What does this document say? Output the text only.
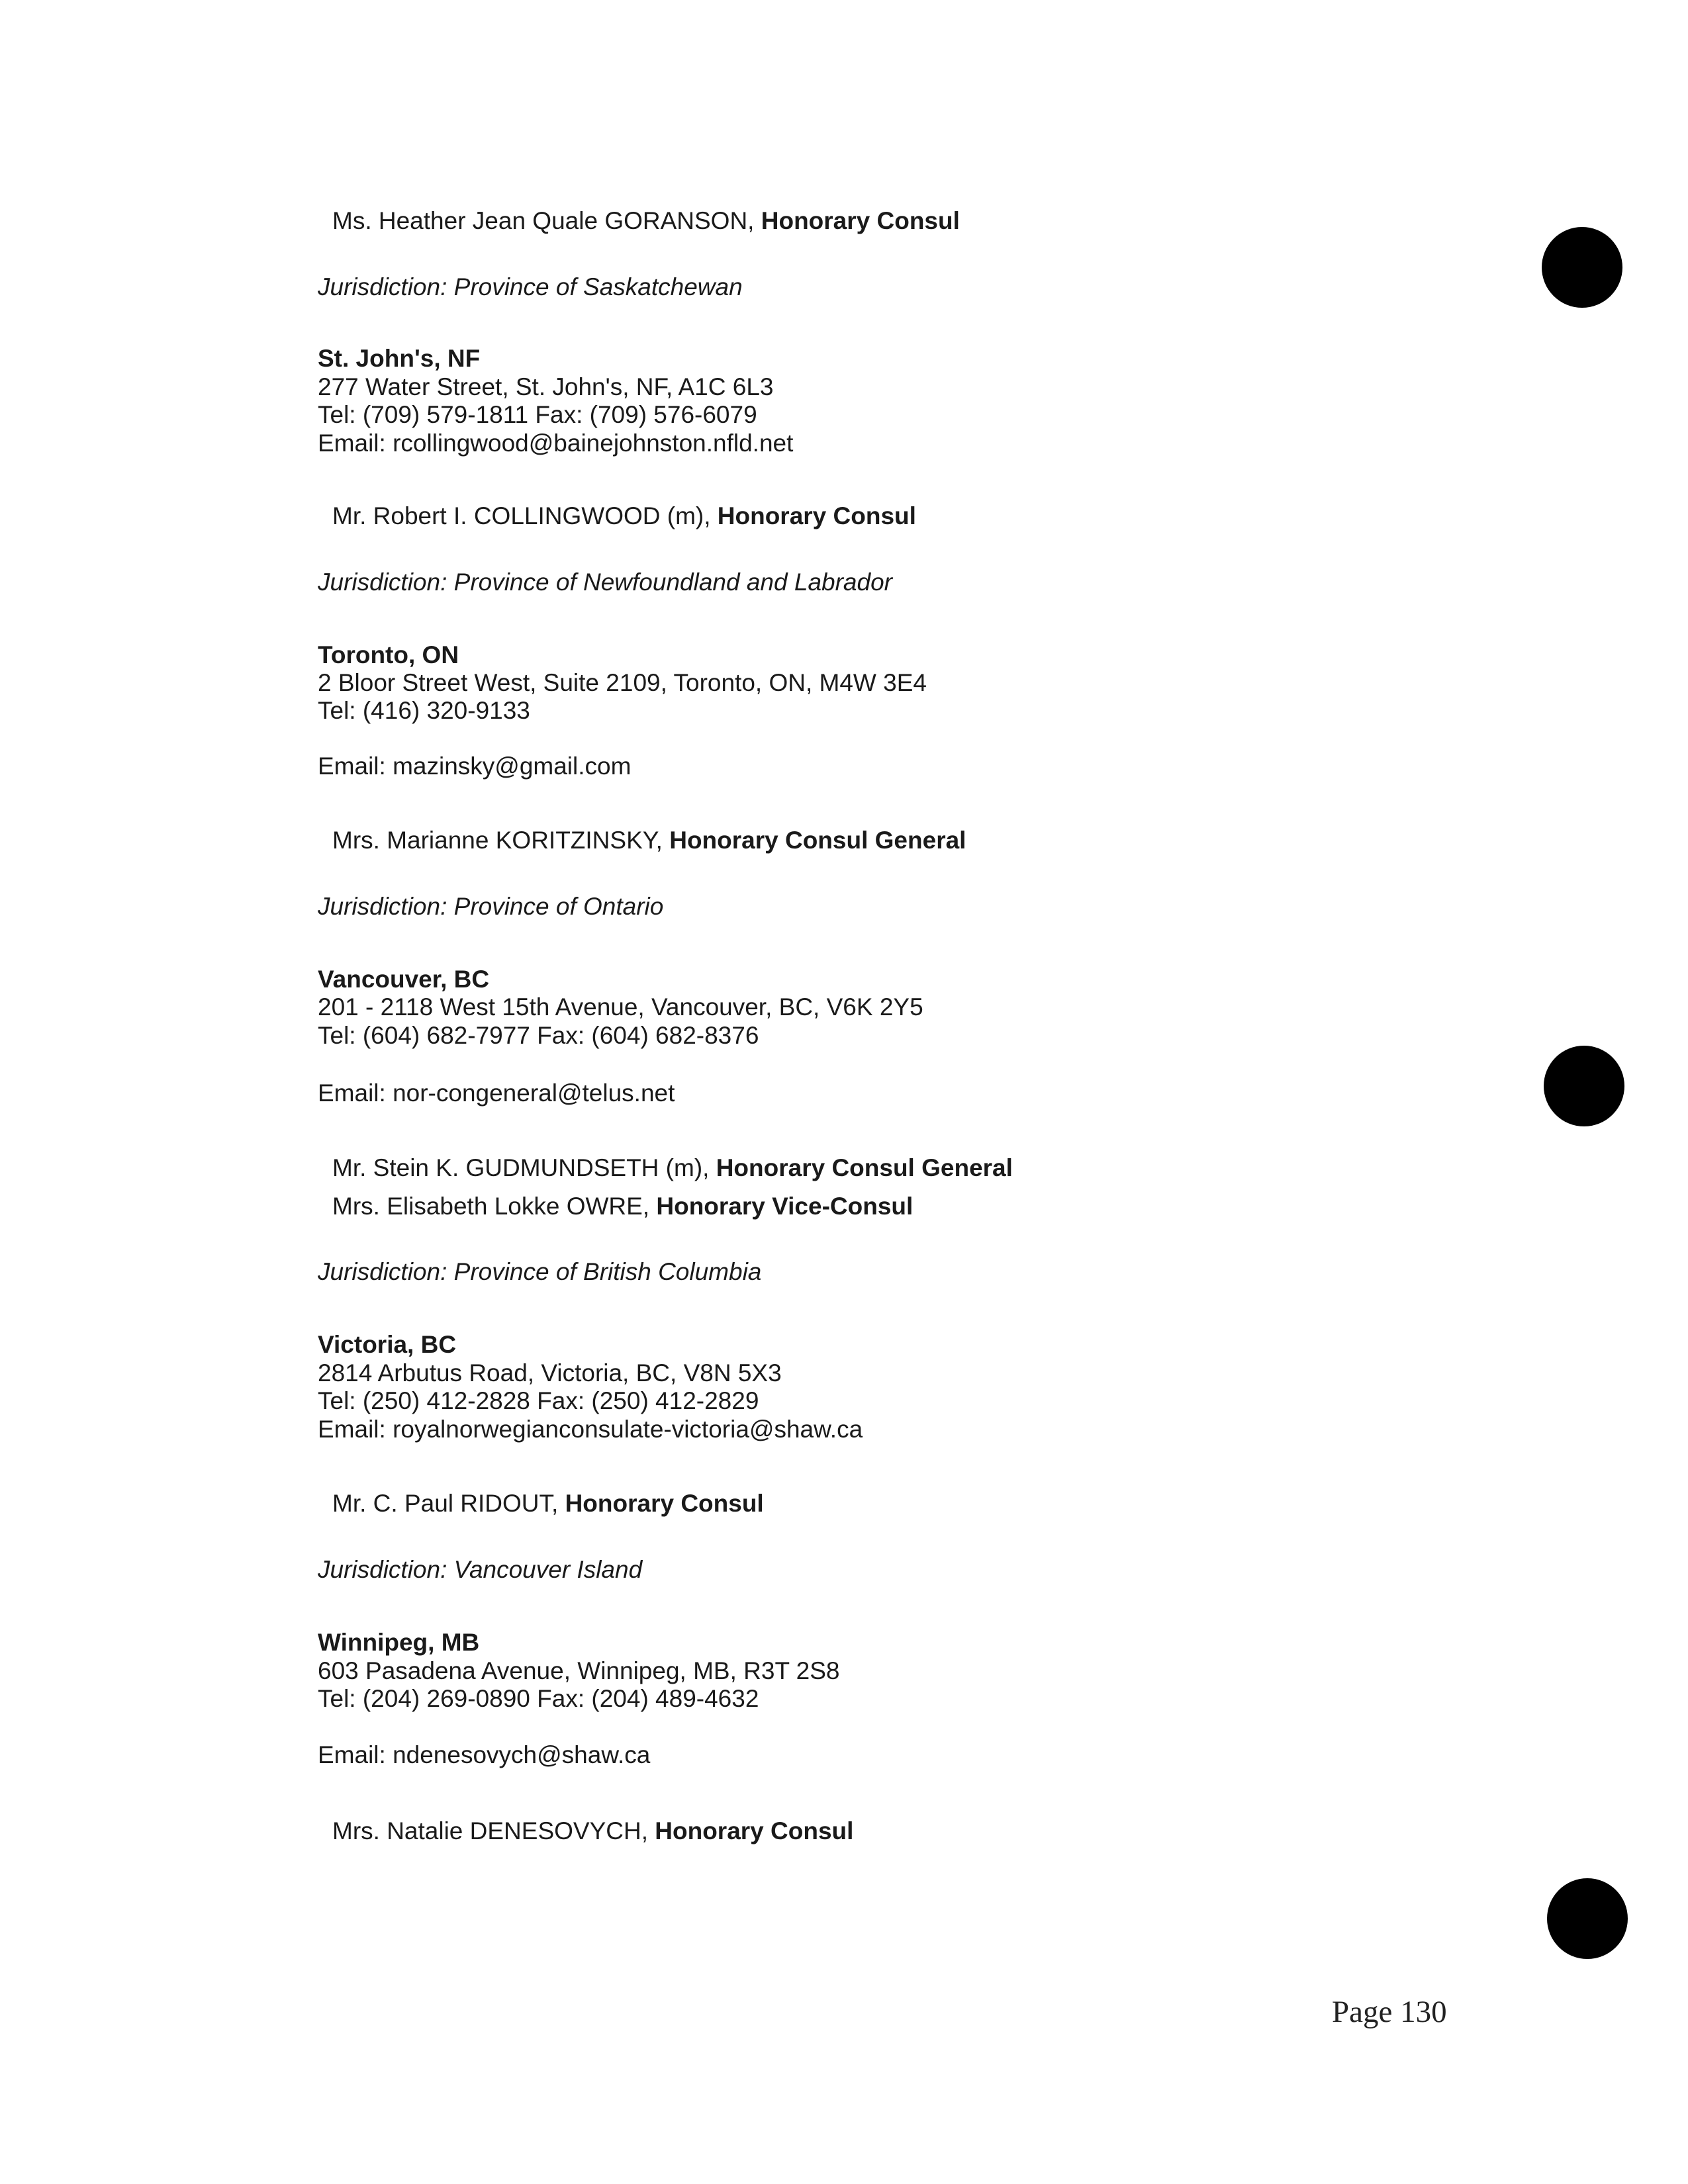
Ms. Heather Jean Quale GORANSON, Honorary Consul
Jurisdiction: Province of Saskatchewan
St. John's, NF
277 Water Street, St. John's, NF, A1C 6L3
Tel: (709) 579-1811 Fax: (709) 576-6079
Email: rcollingwood@bainejohnston.nfld.net
Mr. Robert I. COLLINGWOOD (m), Honorary Consul
Jurisdiction: Province of Newfoundland and Labrador
Toronto, ON
2 Bloor Street West, Suite 2109, Toronto, ON, M4W 3E4
Tel: (416) 320-9133
Email: mazinsky@gmail.com
Mrs. Marianne KORITZINSKY, Honorary Consul General
Jurisdiction: Province of Ontario
Vancouver, BC
201 - 2118 West 15th Avenue, Vancouver, BC, V6K 2Y5
Tel: (604) 682-7977 Fax: (604) 682-8376
Email: nor-congeneral@telus.net
Mr. Stein K. GUDMUNDSETH (m), Honorary Consul General
Mrs. Elisabeth Lokke OWRE, Honorary Vice-Consul
Jurisdiction: Province of British Columbia
Victoria, BC
2814 Arbutus Road, Victoria, BC, V8N 5X3
Tel: (250) 412-2828 Fax: (250) 412-2829
Email: royalnorwegianconsulate-victoria@shaw.ca
Mr. C. Paul RIDOUT, Honorary Consul
Jurisdiction: Vancouver Island
Winnipeg, MB
603 Pasadena Avenue, Winnipeg, MB, R3T 2S8
Tel: (204) 269-0890 Fax: (204) 489-4632
Email: ndenesovych@shaw.ca
Mrs. Natalie DENESOVYCH, Honorary Consul
Page 130
